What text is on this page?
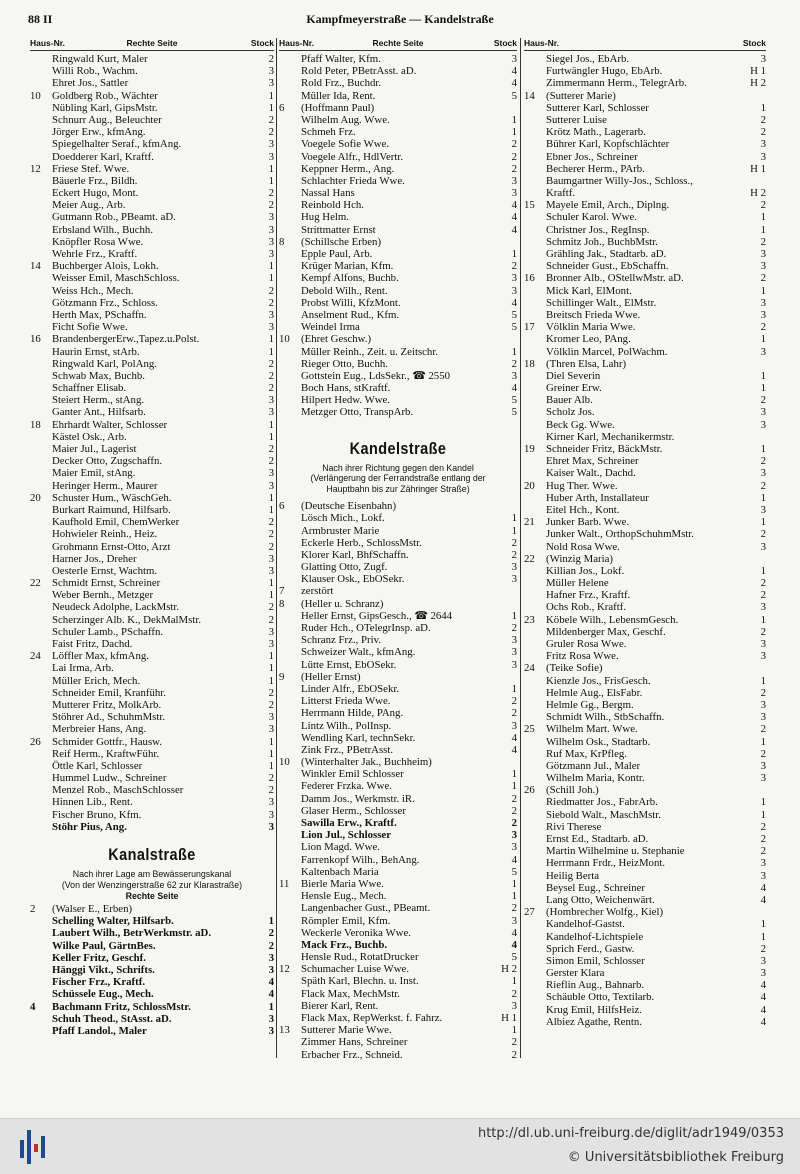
88 II	Kampfmeyerstraße — Kandelstraße
Haus-Nr.	Rechte Seite	Stock
Ringwald Kurt, Maler	2
Willi Rob., Wachm.	3
Ehret Jos., Sattler	3
10	Goldberg Rob., Wächter	1
Nübling Karl, GipsMstr.	1
Schnurr Aug., Beleuchter	2
Jörger Erw., kfmAng.	2
Spiegelhalter Seraf., kfmAng.	3
Doedderer Karl, Kraftf.	3
12	Friese Stef. Wwe.	1
Bäuerle Frz., Bildh.	1
Eckert Hugo, Mont.	2
Meier Aug., Arb.	2
Gutmann Rob., PBeamt. aD.	3
Erbsland Wilh., Buchh.	3
Knöpfler Rosa Wwe.	3
Wehrle Frz., Kraftf.	3
14	Buchberger Alois, Lokh.	1
Weisser Emil, MaschSchloss.	1
Weiss Hch., Mech.	2
Götzmann Frz., Schloss.	2
Herth Max, PSchaffn.	3
Ficht Sofie Wwe.	3
16	BrandenbergerErw.,Tapez.u.Polst.	1
Haurin Ernst, stArb.	1
Ringwald Karl, PolAng.	2
Schwab Max, Buchb.	2
Schaffner Elisab.	2
Steiert Herm., stAng.	3
Ganter Ant., Hilfsarb.	3
18	Ehrhardt Walter, Schlosser	1
Kästel Osk., Arb.	1
Maier Jul., Lagerist	2
Decker Otto, Zugschaffn.	2
Maier Emil, stAng.	3
Heringer Herm., Maurer	3
20	Schuster Hum., WäschGeh.	1
Burkart Raimund, Hilfsarb.	1
Kaufhold Emil, ChemWerker	2
Hohwieler Reinh., Heiz.	2
Grohmann Ernst-Otto, Arzt	2
Harner Jos., Dreher	3
Oesterle Ernst, Wachtm.	3
22	Schmidt Ernst, Schreiner	1
Weber Bernh., Metzger	1
Neudeck Adolphe, LackMstr.	2
Scherzinger Alb. K., DekMalMstr.	2
Schuler Lamb., PSchaffn.	3
Faist Fritz, Dachd.	3
24	Löffler Max, kfmAng.	1
Lai Irma, Arb.	1
Müller Erich, Mech.	1
Schneider Emil, Kranführ.	2
Mutterer Fritz, MolkArb.	2
Stöhrer Ad., SchuhmMstr.	3
Merbreier Hans, Ang.	3
26	Schmider Gottfr., Hausw.	1
Reif Herm., KraftwFühr.	1
Öttle Karl, Schlosser	1
Hummel Ludw., Schreiner	2
Menzel Rob., MaschSchlosser	2
Hinnen Lib., Rent.	3
Fischer Bruno, Kfm.	3
Stöhr Pius, Ang.	3
Kanalstraße
Nach ihrer Lage am Bewässerungskanal
(Von der Wenzingerstraße 62 zur Klarastraße)
Rechte Seite
2	(Walser E., Erben)
Schelling Walter, Hilfsarb.	1
Laubert Wilh., BetrWerkmstr. aD.	2
Wilke Paul, GärtnBes.	2
Keller Fritz, Geschf.	3
Hänggi Vikt., Schrifts.	3
Fischer Frz., Kraftf.	4
Schüssele Eug., Mech.	4
4	Bachmann Fritz, SchlossMstr.	1
Schuh Theod., StAsst. aD.	3
Pfaff Landol., Maler	3
Haus-Nr.	Rechte Seite	Stock
Pfaff Walter, Kfm.	3
Rold Peter, PBetrAsst. aD.	4
Rold Frz., Buchdr.	4
Müller Ida, Rent.	5
6	(Hoffmann Paul)
Wilhelm Aug. Wwe.	1
Schmeh Frz.	1
Voegele Sofie Wwe.	2
Voegele Alfr., HdlVertr.	2
Keppner Herm., Ang.	2
Schlachter Frieda Wwe.	3
Nassal Hans	3
Reinbold Hch.	4
Hug Helm.	4
Strittmatter Ernst	4
8	(Schillsche Erben)
Epple Paul, Arb.	1
Krüger Marian, Kfm.	2
Kempf Alfons, Buchb.	3
Debold Wilh., Rent.	3
Probst Willi, KfzMont.	4
Anselment Rud., Kfm.	5
Weindel Irma	5
10	(Ehret Geschw.)
Müller Reinh., Zeit. u. Zeitschr.	1
Rieger Otto, Buchh.	2
Gottstein Eug., LdsSekr., ☎ 2550	3
Boch Hans, stKraftf.	4
Hilpert Hedw. Wwe.	5
Metzger Otto, TranspArb.	5
Kandelstraße
Nach ihrer Richtung gegen den Kandel
(Verlängerung der Ferrandstraße entlang der
Hauptbahn bis zur Zähringer Straße)
6	(Deutsche Eisenbahn)
Lösch Mich., Lokf.	1
Armbruster Marie	1
Eckerle Herb., SchlossMstr.	2
Klorer Karl, BhfSchaffn.	2
Glatting Otto, Zugf.	3
Klauser Osk., EbOSekr.	3
7	zerstört
8	(Heller u. Schranz)
Heller Ernst, GipsGesch., ☎ 2644	1
Ruder Hch., OTelegrInsp. aD.	2
Schranz Frz., Priv.	3
Schweizer Walt., kfmAng.	3
Lütte Ernst, EbOSekr.	3
9	(Heller Ernst)
Linder Alfr., EbOSekr.	1
Litterst Frieda Wwe.	2
Herrmann Hilde, PAng.	2
Lintz Wilh., PolInsp.	3
Wendling Karl, technSekr.	4
Zink Frz., PBetrAsst.	4
10	(Winterhalter Jak., Buchheim)
Winkler Emil Schlosser	1
Federer Frzka. Wwe.	1
Damm Jos., Werkmstr. iR.	2
Glaser Herm., Schlosser	2
Sawilla Erw., Kraftf.	2
Lion Jul., Schlosser	3
Lion Magd. Wwe.	3
Farrenkopf Wilh., BehAng.	4
Kaltenbach Maria	5
11	Bierle Maria Wwe.	1
Hensle Eug., Mech.	1
Langenbacher Gust., PBeamt.	2
Römpler Emil, Kfm.	3
Weckerle Veronika Wwe.	4
Mack Frz., Buchb.	4
Hensle Rud., RotatDrucker	5
12	Schumacher Luise Wwe.	H 2
Späth Karl, Blechn. u. Inst.	1
Flack Max, MechMstr.	2
Bierer Karl, Rent.	3
Flack Max, RepWerkst. f. Fahrz.	H 1
13	Sutterer Marie Wwe.	1
Zimmer Hans, Schreiner	2
Erbacher Frz., Schneid.	2
Haus-Nr.	Stock
Siegel Jos., EbArb.	3
Furtwängler Hugo, EbArb.	H 1
Zimmermann Herm., TelegrArb.	H 2
14	(Sutterer Marie)
Sutterer Karl, Schlosser	1
Sutterer Luise	2
Krötz Math., Lagerarb.	2
Bührer Karl, Kopfschlächter	3
Ebner Jos., Schreiner	3
Becherer Herm., PArb.	H 1
Baumgartner Willy-Jos., Schloss.,
Kraftf.	H 2
15	Mayele Emil, Arch., Diplng.	2
Schuler Karol. Wwe.	1
Christner Jos., RegInsp.	1
Schmitz Joh., BuchbMstr.	2
Grähling Jak., Stadtarb. aD.	3
Schneider Gust., EbSchaffn.	3
16	Bronner Alb., OStellwMstr. aD.	2
Mick Karl, ElMont.	1
Schillinger Walt., ElMstr.	3
Breitsch Frieda Wwe.	3
17	Völklin Maria Wwe.	2
Kromer Leo, PAng.	1
Völklin Marcel, PolWachm.	3
18	(Thren Elsa, Lahr)
Diel Severin	1
Greiner Erw.	1
Bauer Alb.	2
Scholz Jos.	3
Beck Gg. Wwe.	3
Kirner Karl, Mechanikermstr.
19	Schneider Fritz, BäckMstr.	1
Ehret Max, Schreiner	2
Kaiser Walt., Dachd.	3
20	Hug Ther. Wwe.	2
Huber Arth, Installateur	1
Eitel Hch., Kont.	3
21	Junker Barb. Wwe.	1
Junker Walt., OrthopSchuhmMstr.	2
Nold Rosa Wwe.	3
22	(Winzig Maria)
Killian Jos., Lokf.	1
Müller Helene	2
Hafner Frz., Kraftf.	2
Ochs Rob., Kraftf.	3
23	Köbele Wilh., LebensmGesch.	1
Mildenberger Max, Geschf.	2
Gruler Rosa Wwe.	3
Fritz Rosa Wwe.	3
24	(Teike Sofie)
Kienzle Jos., FrisGesch.	1
Helmle Aug., ElsFabr.	2
Helmle Gg., Bergm.	3
Schmidt Wilh., StbSchaffn.	3
25	Wilhelm Mart. Wwe.	2
Wilhelm Osk., Stadtarb.	1
Ruf Max, KrPfleg.	2
Götzmann Jul., Maler	3
Wilhelm Maria, Kontr.	3
26	(Schill Joh.)
Riedmatter Jos., FabrArb.	1
Siebold Walt., MaschMstr.	1
Rivi Therese	2
Ernst Ed., Stadtarb. aD.	2
Martin Wilhelmine u. Stephanie	2
Herrmann Frdr., HeizMont.	3
Heilig Berta	3
Beysel Eug., Schreiner	4
Lang Otto, Weichenwärt.	4
27	(Hombrecher Wolfg., Kiel)
Kandelhof-Gastst.	1
Kandelhof-Lichtspiele	1
Sprich Ferd., Gastw.	2
Simon Emil, Schlosser	3
Gerster Klara	3
Rieflin Aug., Bahnarb.	4
Schäuble Otto, Textilarb.	4
Krug Emil, HilfsHeiz.	4
Albiez Agathe, Rentn.	4
http://dl.ub.uni-freiburg.de/diglit/adr1949/0353
© Universitätsbibliothek Freiburg
